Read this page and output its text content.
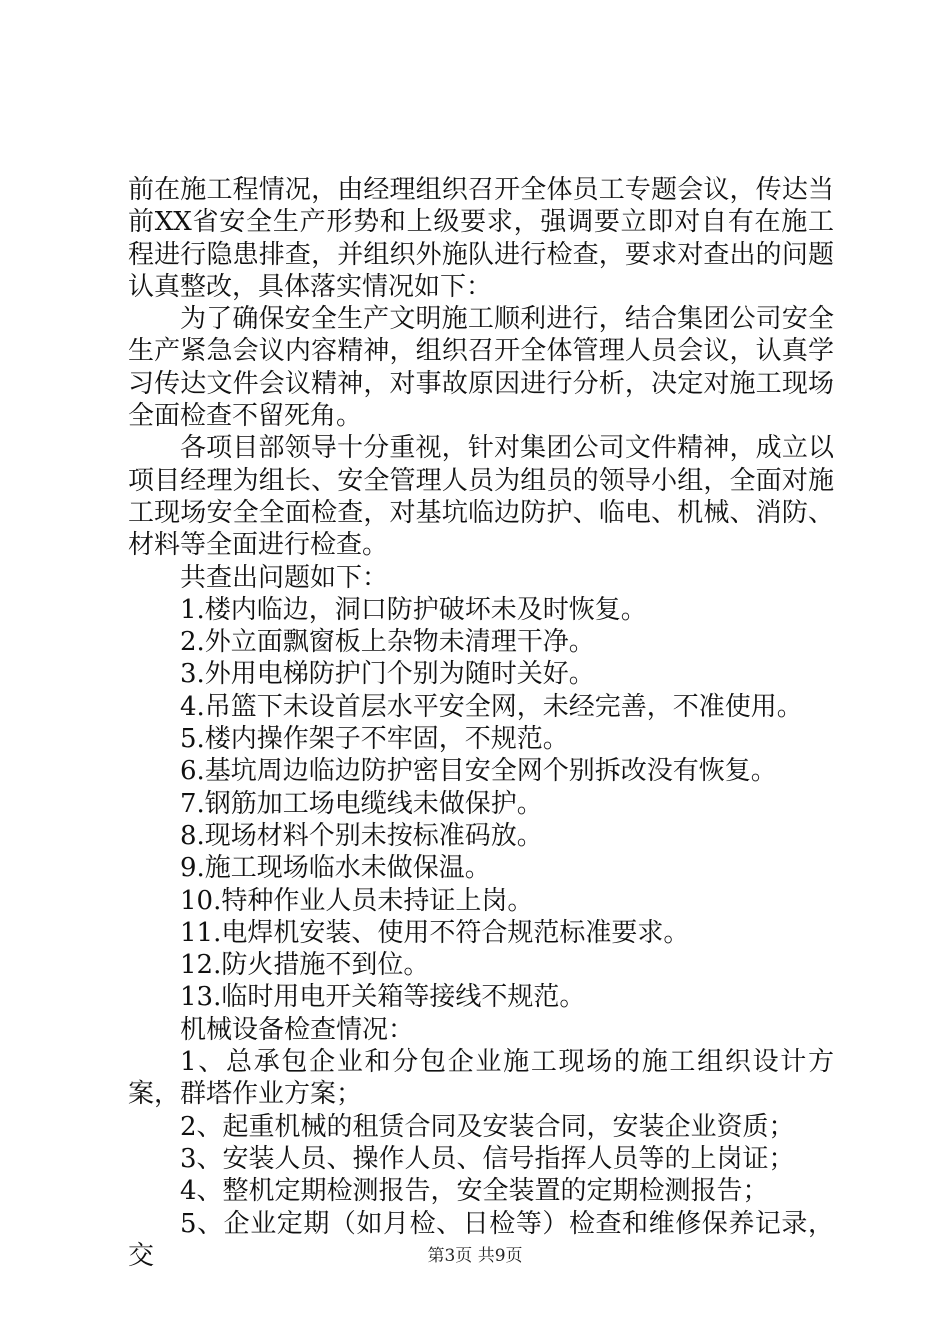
前在施工程情况，由经理组织召开全体员工专题会议，传达当前XX省安全生产形势和上级要求，强调要立即对自有在施工程进行隐患排查，并组织外施队进行检查，要求对查出的问题认真整改，具体落实情况如下：

为了确保安全生产文明施工顺利进行，结合集团公司安全生产紧急会议内容精神，组织召开全体管理人员会议，认真学习传达文件会议精神，对事故原因进行分析，决定对施工现场全面检查不留死角。

各项目部领导十分重视，针对集团公司文件精神，成立以项目经理为组长、安全管理人员为组员的领导小组，全面对施工现场安全全面检查，对基坑临边防护、临电、机械、消防、材料等全面进行检查。

共查出问题如下：

1.楼内临边，洞口防护破坏未及时恢复。

2.外立面飘窗板上杂物未清理干净。

3.外用电梯防护门个别为随时关好。

4.吊篮下未设首层水平安全网，未经完善，不准使用。

5.楼内操作架子不牢固，不规范。

6.基坑周边临边防护密目安全网个别拆改没有恢复。

7.钢筋加工场电缆线未做保护。

8.现场材料个别未按标准码放。

9.施工现场临水未做保温。

10.特种作业人员未持证上岗。

11.电焊机安装、使用不符合规范标准要求。

12.防火措施不到位。

13.临时用电开关箱等接线不规范。

机械设备检查情况：

1、总承包企业和分包企业施工现场的施工组织设计方案，群塔作业方案；

2、起重机械的租赁合同及安装合同，安装企业资质；

3、安装人员、操作人员、信号指挥人员等的上岗证；

4、整机定期检测报告，安全装置的定期检测报告；

5、企业定期（如月检、日检等）检查和维修保养记录，交	第3页 共9页
